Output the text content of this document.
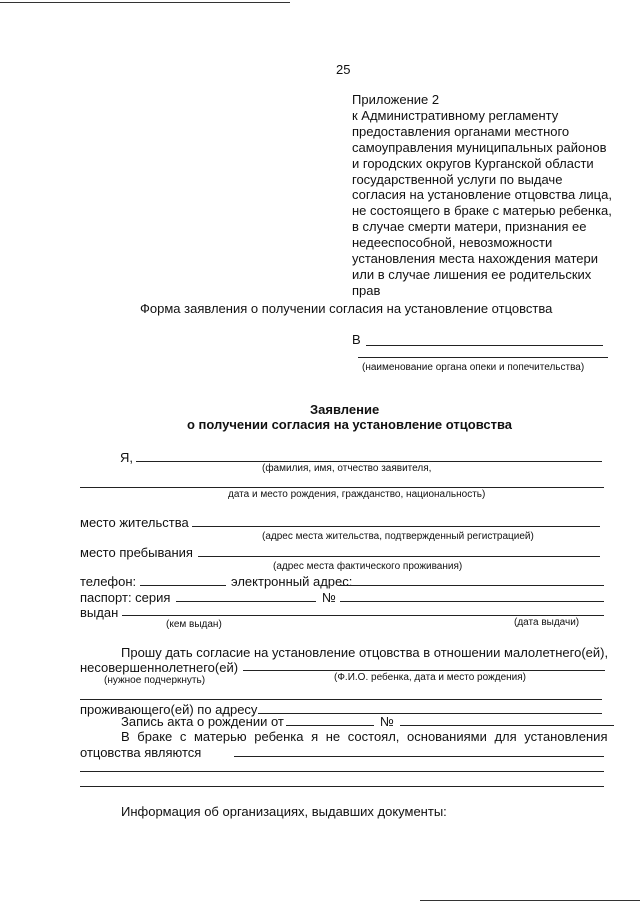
25
Приложение 2
к Административному регламенту
предоставления органами местного
самоуправления муниципальных районов
и городских округов Курганской области
государственной услуги по выдаче
согласия на установление отцовства лица,
не состоящего в браке с матерью ребенка,
в случае смерти матери, признания ее
недееспособной, невозможности
установления места нахождения матери
или в случае лишения ее родительских
прав
Форма заявления о получении согласия на установление отцовства
В
(наименование органа опеки и попечительства)
Заявление
о получении согласия на установление отцовства
Я,
(фамилия, имя, отчество заявителя,
дата и место рождения, гражданство, национальность)
место жительства
(адрес места жительства, подтвержденный регистрацией)
место пребывания
(адрес места фактического проживания)
телефон:	электронный адрес:
паспорт: серия	№
выдан
(кем выдан)	(дата выдачи)
Прошу дать согласие на установление отцовства в отношении малолетнего(ей),
несовершеннолетнего(ей)
(нужное подчеркнуть)	(Ф.И.О. ребенка, дата и место рождения)
проживающего(ей) по адресу
Запись акта о рождении от	№
В браке с матерью ребенка я не состоял, основаниями для установления
отцовства являются
Информация об организациях, выдавших документы:
